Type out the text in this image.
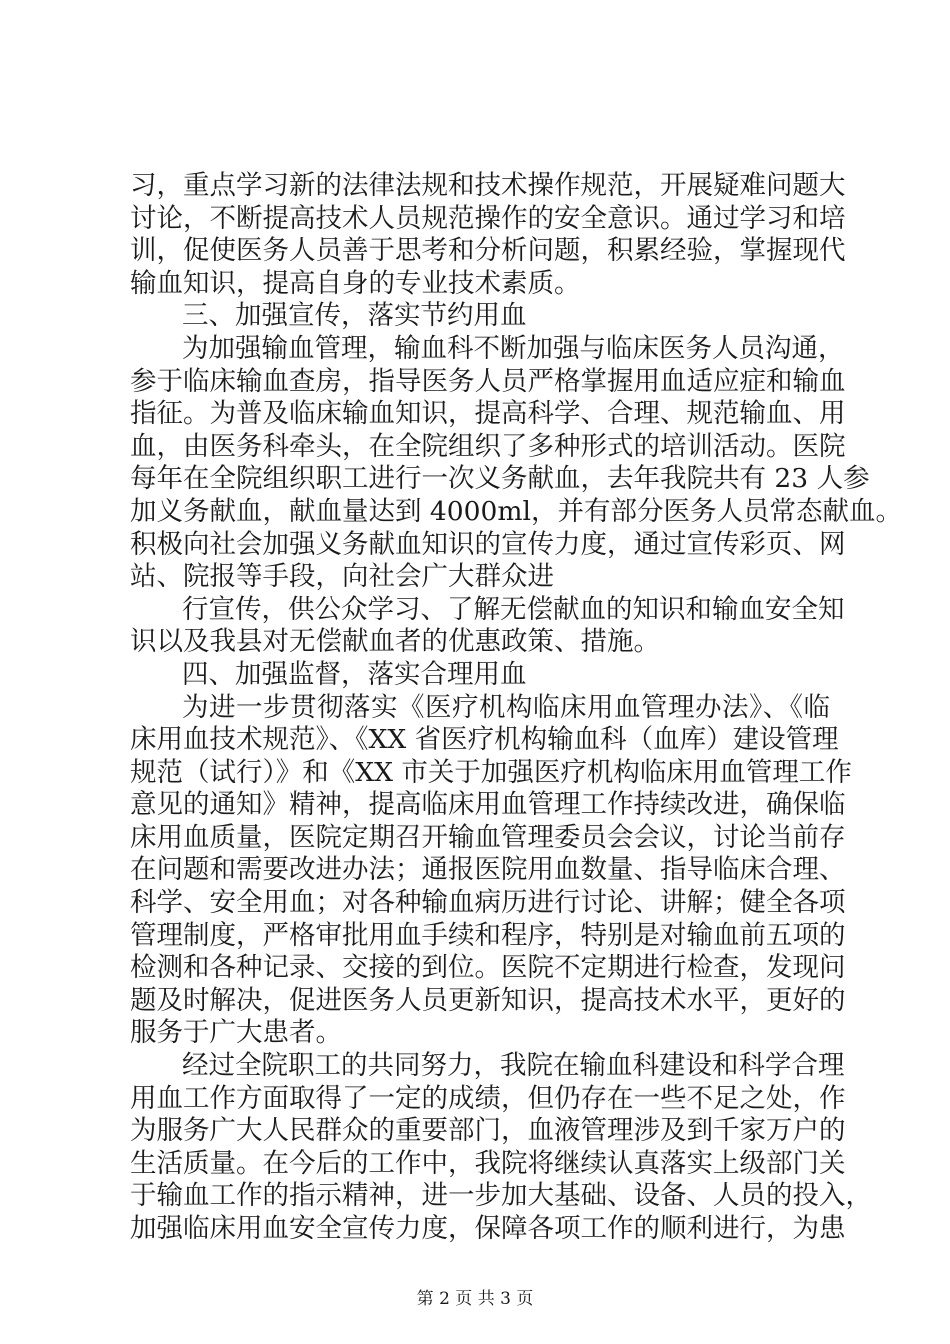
习，重点学习新的法律法规和技术操作规范，开展疑难问题大
讨论，不断提高技术人员规范操作的安全意识。通过学习和培
训，促使医务人员善于思考和分析问题，积累经验，掌握现代
输血知识，提高自身的专业技术素质。
三、加强宣传，落实节约用血
为加强输血管理，输血科不断加强与临床医务人员沟通，
参于临床输血查房，指导医务人员严格掌握用血适应症和输血
指征。为普及临床输血知识，提高科学、合理、规范输血、用
血，由医务科牵头，在全院组织了多种形式的培训活动。医院
每年在全院组织职工进行一次义务献血，去年我院共有 23 人参
加义务献血，献血量达到 4000ml，并有部分医务人员常态献血。
积极向社会加强义务献血知识的宣传力度，通过宣传彩页、网
站、院报等手段，向社会广大群众进
行宣传，供公众学习、了解无偿献血的知识和输血安全知
识以及我县对无偿献血者的优惠政策、措施。
四、加强监督，落实合理用血
为进一步贯彻落实《医疗机构临床用血管理办法》、《临
床用血技术规范》、《XX 省医疗机构输血科（血库）建设管理
规范（试行）》和《XX 市关于加强医疗机构临床用血管理工作
意见的通知》精神，提高临床用血管理工作持续改进，确保临
床用血质量，医院定期召开输血管理委员会会议，讨论当前存
在问题和需要改进办法；通报医院用血数量、指导临床合理、
科学、安全用血；对各种输血病历进行讨论、讲解；健全各项
管理制度，严格审批用血手续和程序，特别是对输血前五项的
检测和各种记录、交接的到位。医院不定期进行检查，发现问
题及时解决，促进医务人员更新知识，提高技术水平，更好的
服务于广大患者。
经过全院职工的共同努力，我院在输血科建设和科学合理
用血工作方面取得了一定的成绩，但仍存在一些不足之处，作
为服务广大人民群众的重要部门，血液管理涉及到千家万户的
生活质量。在今后的工作中，我院将继续认真落实上级部门关
于输血工作的指示精神，进一步加大基础、设备、人员的投入，
加强临床用血安全宣传力度，保障各项工作的顺利进行，为患
第 2 页 共 3 页
